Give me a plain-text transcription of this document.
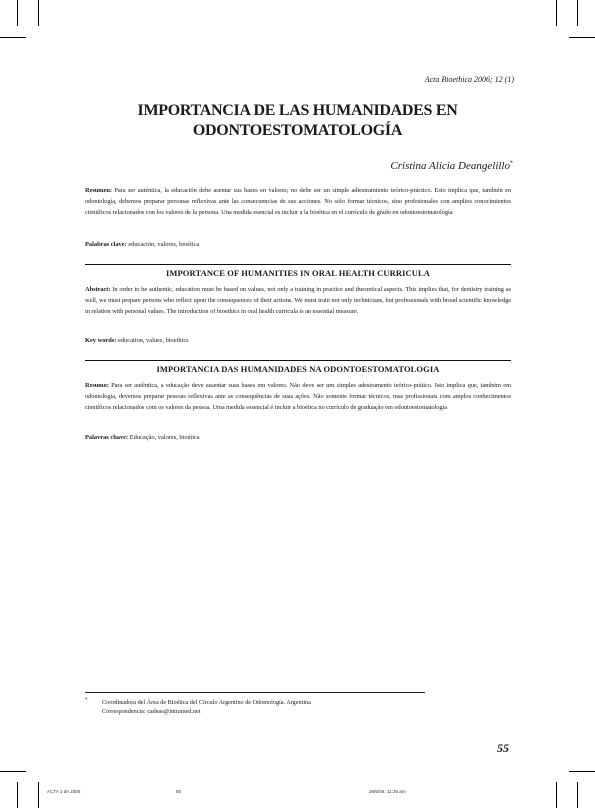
Acta Bioethica 2006; 12 (1)
IMPORTANCIA DE LAS HUMANIDADES EN
ODONTOESTOMATOLOGÍA
Cristina Alicia Deangelillo*
Resumen: Para ser auténtica, la educación debe asentar sus bases en valores; no debe ser un simple adiestramiento teórico-práctico. Esto implica que, también en odontología, debemos preparar personas reflexivas ante las consecuencias de sus acciones. No sólo formar técnicos, sino profesionales con amplios conocimientos científicos relacionados con los valores de la persona. Una medida esencial es incluir a la bioética en el currículo de grado en odontoestomatología
Palabras clave: educación, valores, bioética
IMPORTANCE OF HUMANITIES IN ORAL HEALTH CURRICULA
Abstract: In order to be authentic, education must be based on values, not only a training in practice and theoretical aspects. This implies that, for dentistry training as well, we must prepare persons who reflect upon the consequences of their actions. We must train not only technicians, but professionals with broad scientific knowledge in relation with personal values. The introduction of bioethics in oral health curricula is an essential measure.
Key words: education, values, bioethics
IMPORTANCIA DAS HUMANIDADES NA ODONTOESTOMATOLOGIA
Resumo: Para ser autêntica, a educação deve assentar suas bases em valores. Não deve ser um simples adestramento teórico-prático. Isto implica que, também em odontologia, devemos preparar pessoas reflexivas ante as consequências de suas ações. Não somente formar técnicos, mas profissionais com amplos conhecimentos científicos relacionados com os valores da pessoa. Uma medida essencial é incluir a bioética no currículo de graduação em odontoestomatologia
Palavras chave: Educação, valores, bioética
*	Coordinadora del Área de Bioética del Círculo Argentino de Odontología. Argentina
Correspondencia: cadeas@intramed.net
55
ACTA 1 de 2006	55	29/6/06, 11:36 am
